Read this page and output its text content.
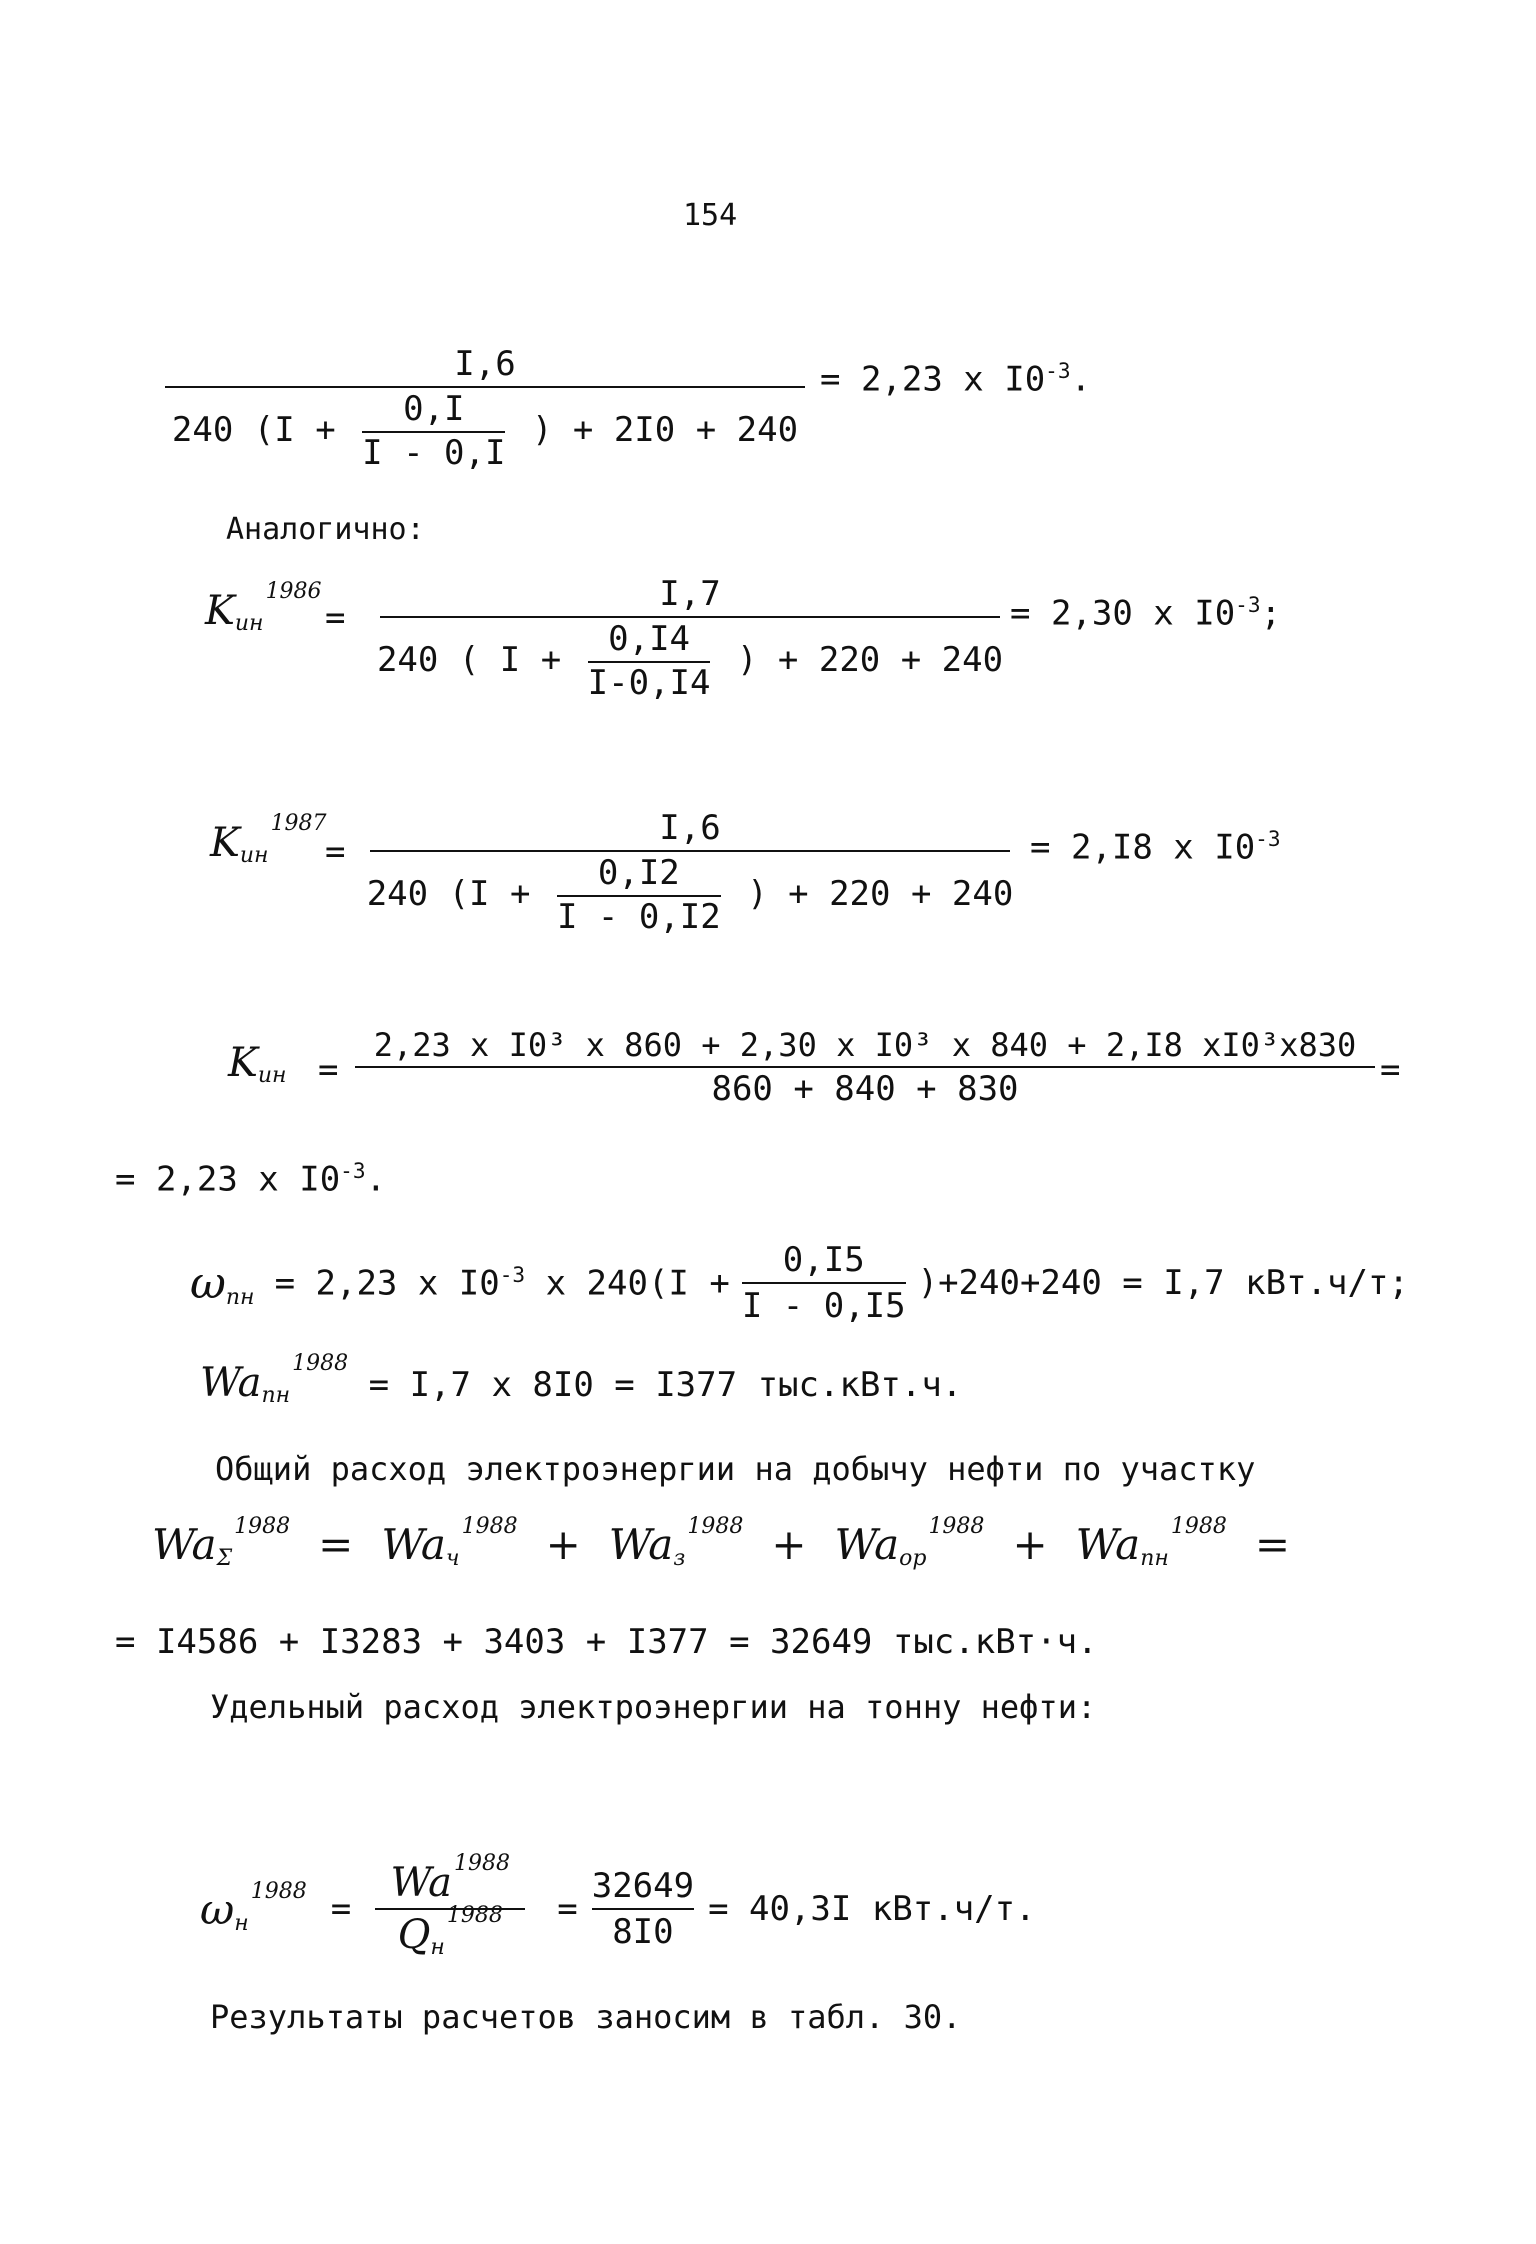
154
I,6
240 ($I + \frac{0,I}{I - 0,I}$ ) + 2I0 + 240
= 2,23 x $I0^{-3}$.
Аналогично:
Kин$^{1986}$
=
I,7
240 ( $I + \frac{0,I4}{I-0,I4}$ ) + 220 + 240
= 2,30 x $I0^{-3}$;
Kин$^{1987}$
=
I,6
240 ($I + \frac{0,I2}{I - 0,I2}$ ) + 220 + 240
= 2,I8 x $I0^{-3}$
Kин =
2,23 x I0³ x 860 + 2,30 x I0³ x 840 + 2,I8 xI0³x830
860 + 840 + 830	=
= 2,23 x $I0^{-3}$.
ωпн = 2,23 x $I0^{-3}$ x $240(I + \frac{0,I5}{I - 0,I5} )+240+240 = I,7$ кВт.ч/т;
Waпн$^{1988}$ = I,7 x 8I0 = I377 тыс.кВт.ч.
Общий расход электроэнергии на добычу нефти по участку
WaΣ$^{1988}$ = Waч$^{1988}$ + Waз$^{1988}$ + Waор$^{1988}$ + Waпн$^{1988}$ =
= I4586 + I3283 + 3403 + I377 = 32649 тыс.кВт·ч.
Удельный расход электроэнергии на тонну нефти:
$\omega н^{1988} = \frac{Wa^{1988}}{Qн^{1988}} = \frac{32649}{8I0} = 40,3I$ кВт.ч/т.
Результаты расчетов заносим в табл. 30.
